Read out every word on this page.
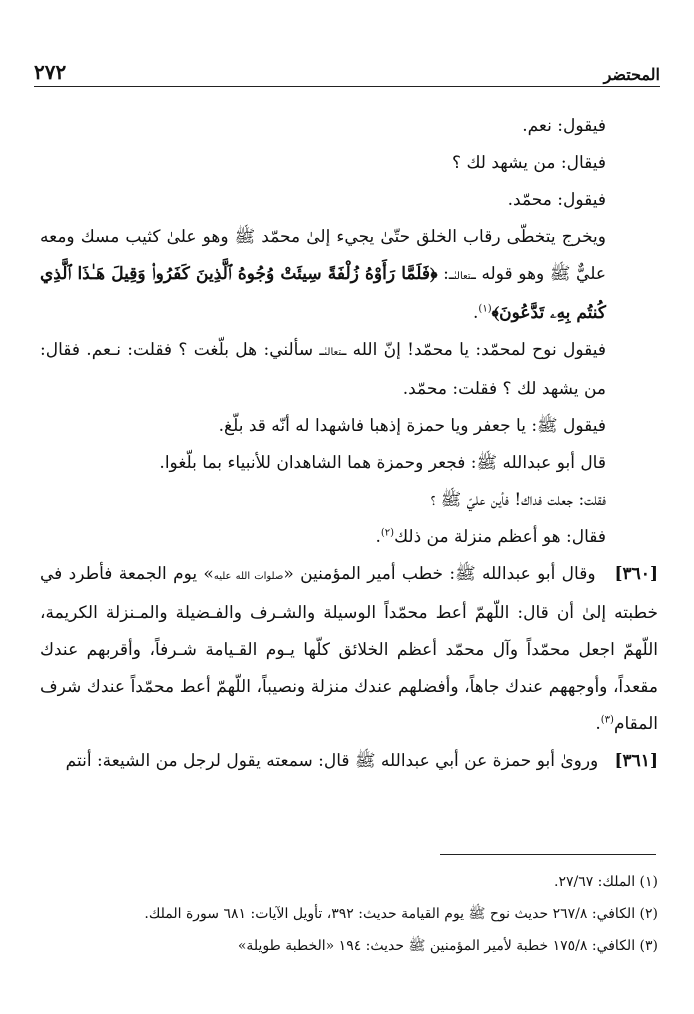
٢٧٢	المحتضر

فيقول: نعم.

فيقال: من يشهد لك ؟

فيقول: محمّد.

ويخرج يتخطّى رقاب الخلق حتّىٰ يجيء إلىٰ محمّد ﷺ وهو علىٰ كثيب مسك ومعه عليٌّ ﷺ وهو قوله ـتعالىٰـ: ﴿فَلَمَّا رَأَوْهُ زُلْفَةً سِيئَتْ وُجُوهُ ٱلَّذِينَ كَفَرُوا۟ وَقِيلَ هَـٰذَا ٱلَّذِي كُنتُم بِهِۦ تَدَّعُونَ﴾$^{(١)}$.

فيقول نوح لمحمّد: يا محمّد! إنّ الله ـتعالىٰـ سألني: هل بلّغت ؟ فقلت: نـعم. فقال: من يشهد لك ؟ فقلت: محمّد.

فيقول ﷺ: يا جعفر ويا حمزة إذهبا فاشهدا له أنّه قد بلّغ.

قال أبو عبدالله ﷺ: فجعر وحمزة هما الشاهدان للأنبياء بما بلّغوا.

فقلت: جعلت فداك! فأين عليّ ﷺ ؟

فقال: هو أعظم منزلة من ذلك$^{(٢)}$.

[٣٦٠]   وقال أبو عبدالله ﷺ: خطب أمير المؤمنين «صلوات الله عليه» يوم الجمعة فأطرد في خطبته إلىٰ أن قال: اللّهمّ أعط محمّداً الوسيلة والشـرف والفـضيلة والمـنزلة الكريمة، اللّهمّ اجعل محمّداً وآل محمّد أعظم الخلائق كلّها يـوم القـيامة شـرفاً، وأقربهم عندك مقعداً، وأوجههم عندك جاهاً، وأفضلهم عندك منزلة ونصيباً، اللّهمّ أعط محمّداً عندك شرف المقام$^{(٣)}$.

[٣٦١]   وروىٰ أبو حمزة عن أبي عبدالله ﷺ قال: سمعته يقول لرجل من الشيعة: أنتم

(١) الملك: ٢٧/٦٧.

(٢) الكافي: ٢٦٧/٨ حديث نوح ﷺ يوم القيامة حديث: ٣٩٢، تأويل الآيات: ٦٨١ سورة الملك.

(٣) الكافي: ١٧٥/٨ خطبة لأمير المؤمنين ﷺ حديث: ١٩٤ «الخطبة طويلة»
